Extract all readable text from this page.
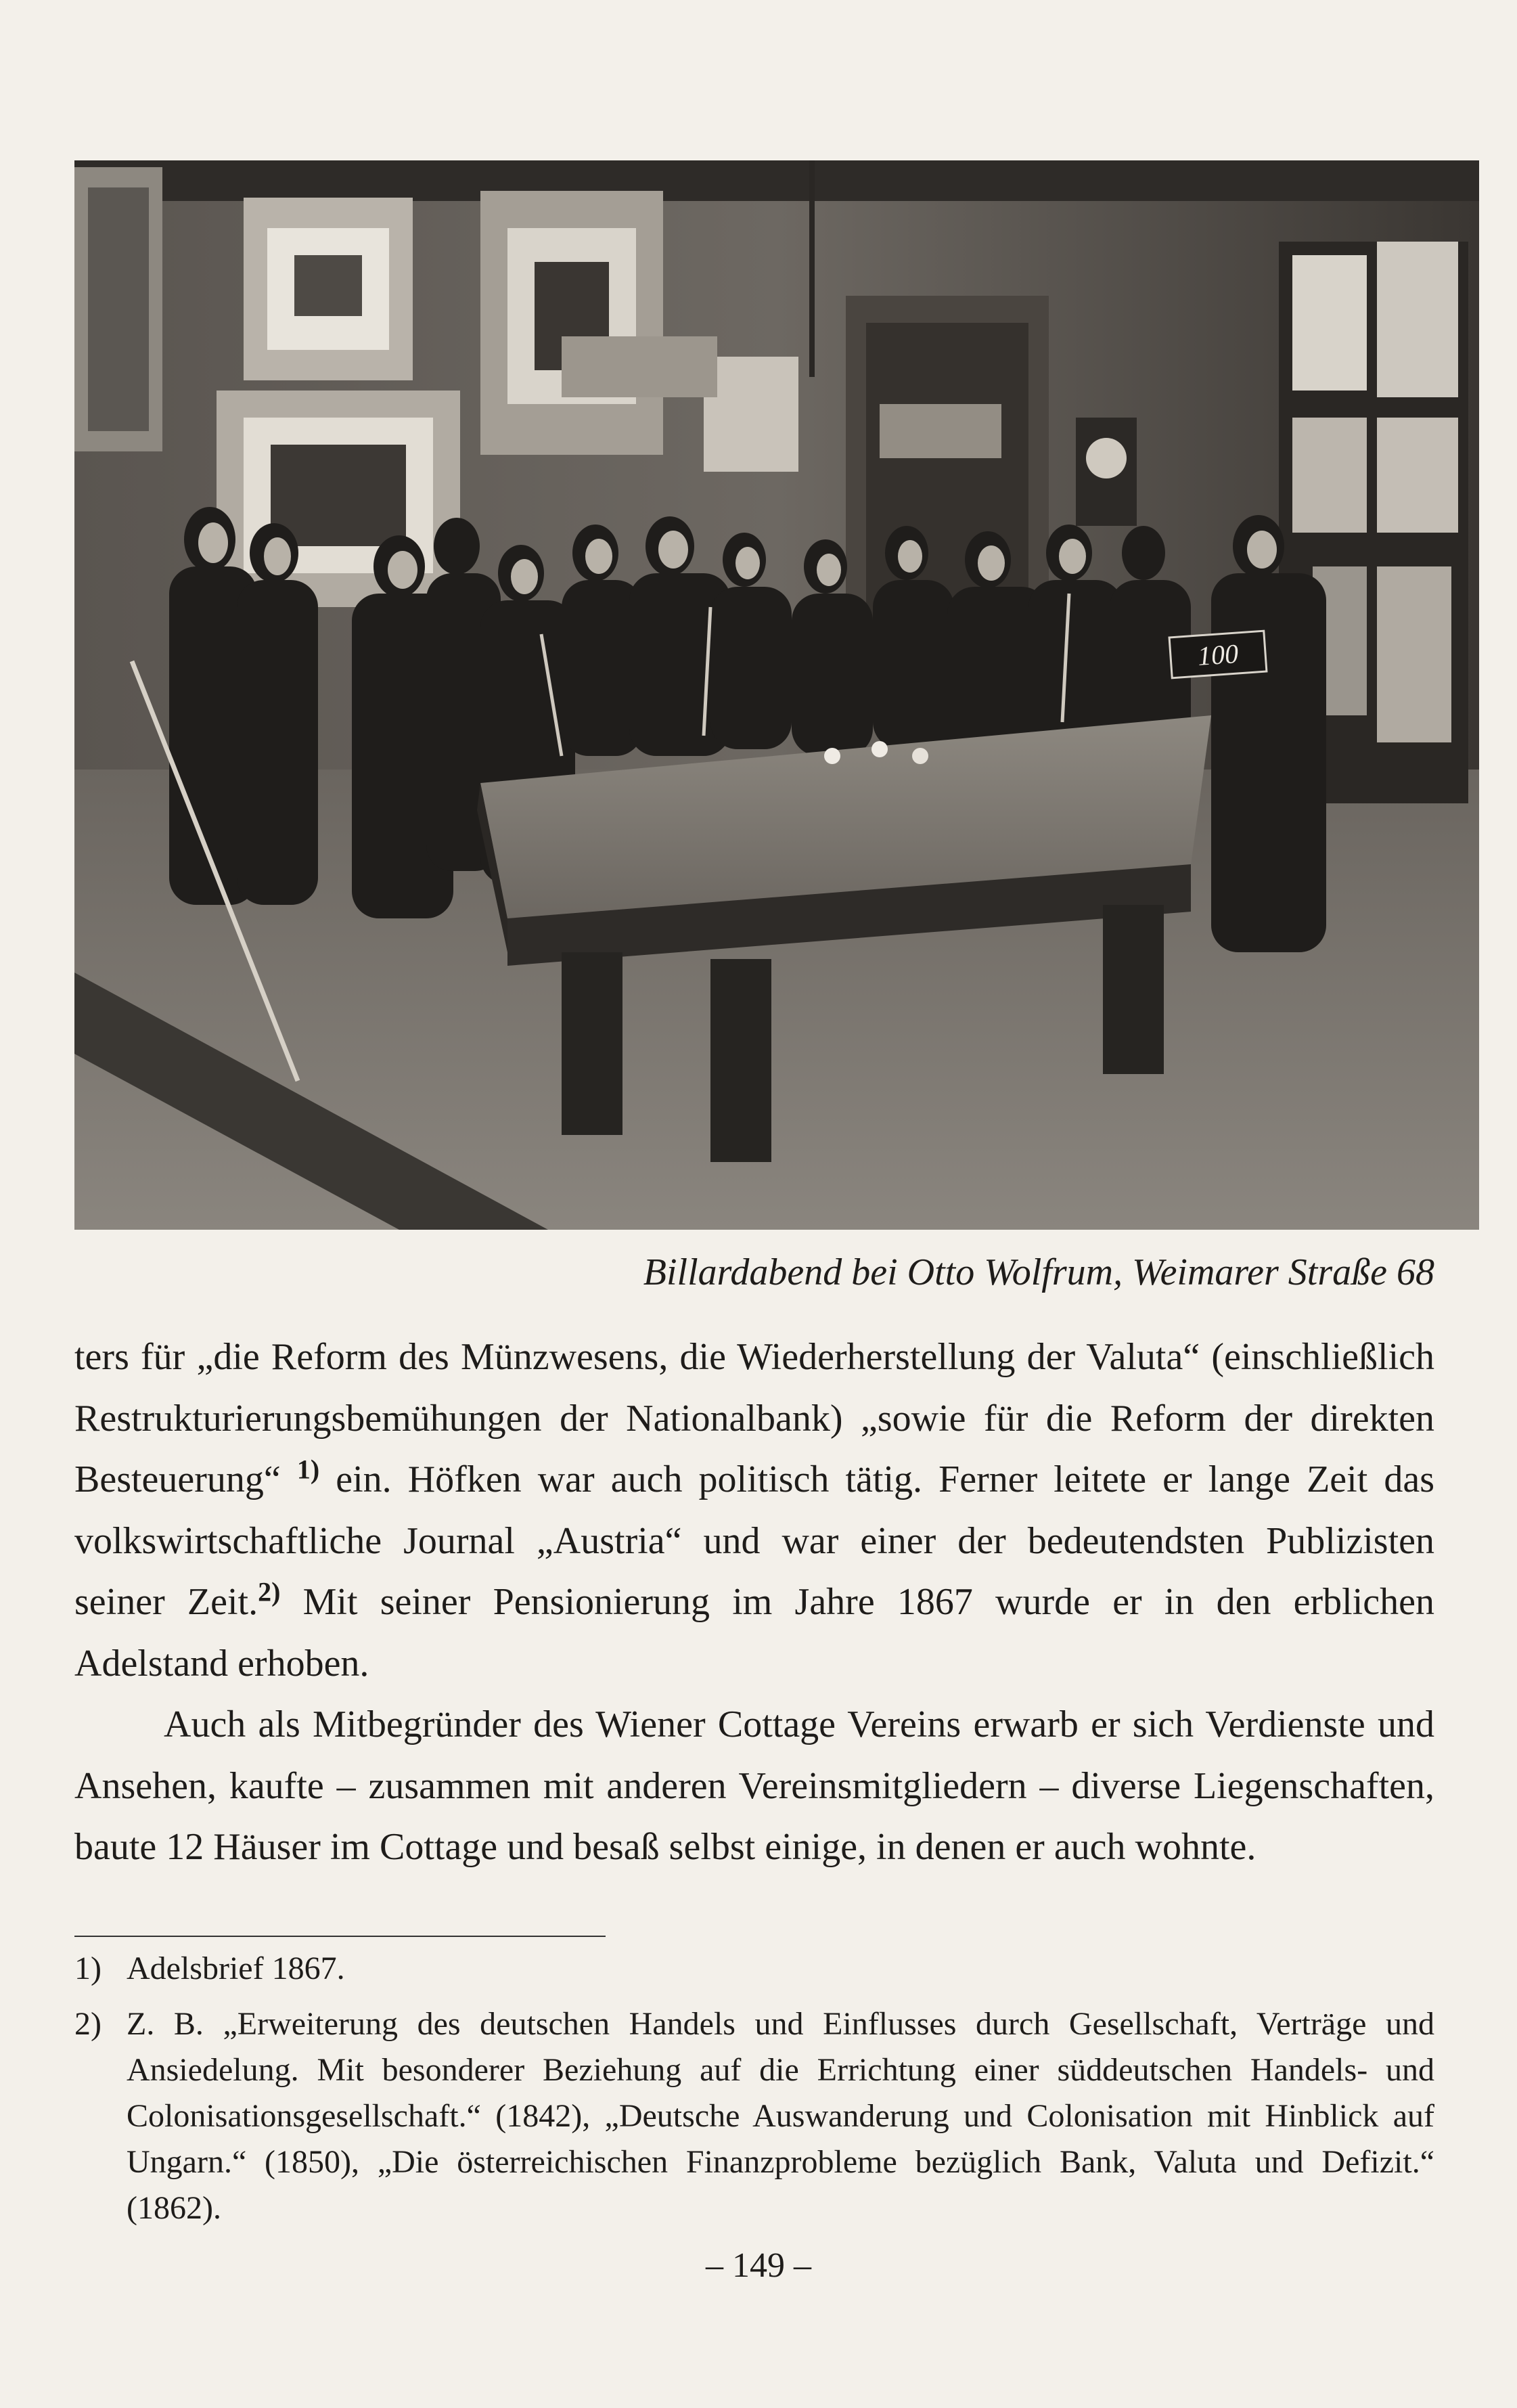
100
Billardabend bei Otto Wolfrum, Weimarer Straße 68

ters für „die Reform des Münzwesens, die Wiederherstellung der Valuta“ (einschließlich Restrukturierungsbemühungen der Nationalbank) „sowie für die Reform der direkten Besteuerung“ $^{1)}$ ein. Höfken war auch politisch tätig. Ferner leitete er lange Zeit das volkswirtschaftliche Journal „Austria“ und war einer der bedeutendsten Publizisten seiner Zeit.$^{2)}$ Mit seiner Pensionierung im Jahre 1867 wurde er in den erblichen Adelstand erhoben.

Auch als Mitbegründer des Wiener Cottage Vereins erwarb er sich Verdienste und Ansehen, kaufte – zusammen mit anderen Vereinsmitgliedern – diverse Liegenschaften, baute 12 Häuser im Cottage und besaß selbst einige, in denen er auch wohnte.

1) Adelsbrief 1867.

2) Z. B. „Erweiterung des deutschen Handels und Einflusses durch Gesellschaft, Verträge und Ansiedelung. Mit besonderer Beziehung auf die Errichtung einer süddeutschen Handels- und Colonisationsgesellschaft.“ (1842), „Deutsche Auswanderung und Colonisation mit Hinblick auf Ungarn.“ (1850), „Die österreichischen Finanzprobleme bezüglich Bank, Valuta und Defizit.“ (1862).

– 149 –
